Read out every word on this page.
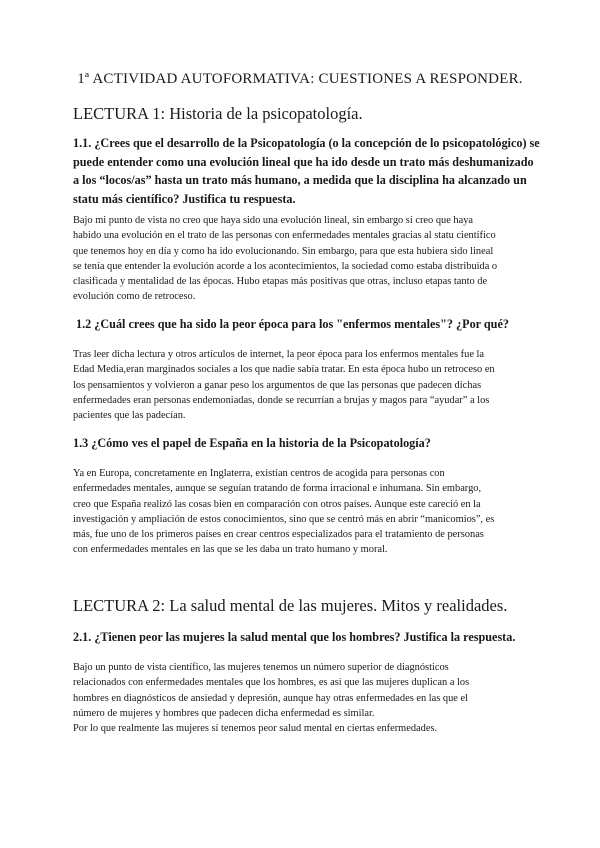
1ª ACTIVIDAD AUTOFORMATIVA: CUESTIONES A RESPONDER.
LECTURA 1: Historia de la psicopatología.

1.1. ¿Crees que el desarrollo de la Psicopatología (o la concepción de lo psicopatológico) se puede entender como una evolución lineal que ha ido desde un trato más deshumanizado a los “locos/as” hasta un trato más humano, a medida que la disciplina ha alcanzado un statu más científico? Justifica tu respuesta.

Bajo mi punto de vista no creo que haya sido una evolución lineal, sin embargo sí creo que haya
habido una evolución en el trato de las personas con enfermedades mentales gracias al statu científico
que tenemos hoy en día y como ha ido evolucionando. Sin embargo, para que esta hubiera sido lineal
se tenía que entender la evolución acorde a los acontecimientos, la sociedad como estaba distribuida o
clasificada y mentalidad de las épocas. Hubo etapas más positivas que otras, incluso etapas tanto de
evolución como de retroceso.

1.2 ¿Cuál crees que ha sido la peor época para los "enfermos mentales"? ¿Por qué?

Tras leer dicha lectura y otros artículos de internet, la peor época para los enfermos mentales fue la
Edad Media,eran marginados sociales a los que nadie sabía tratar. En esta época hubo un retroceso en
los pensamientos y volvieron a ganar peso los argumentos de que las personas que padecen dichas
enfermedades eran personas endemoniadas, donde se recurrían a brujas y magos para “ayudar” a los
pacientes que las padecían.

1.3 ¿Cómo ves el papel de España en la historia de la Psicopatología?

Ya en Europa, concretamente en Inglaterra, existían centros de acogida para personas con
enfermedades mentales, aunque se seguían tratando de forma irracional e inhumana. Sin embargo,
creo que España realizó las cosas bien en comparación con otros países. Aunque este careció en la
investigación y ampliación de estos conocimientos, sino que se centró más en abrir “manicomios”, es
más, fue uno de los primeros países en crear centros especializados para el tratamiento de personas
con enfermedades mentales en las que se les daba un trato humano y moral.
LECTURA 2: La salud mental de las mujeres. Mitos y realidades.

2.1. ¿Tienen peor las mujeres la salud mental que los hombres? Justifica la respuesta.

Bajo un punto de vista científico, las mujeres tenemos un número superior de diagnósticos
relacionados con enfermedades mentales que los hombres, es así que las mujeres duplican a los
hombres en diagnósticos de ansiedad y depresión, aunque hay otras enfermedades en las que el
número de mujeres y hombres que padecen dicha enfermedad es similar.
Por lo que realmente las mujeres sí tenemos peor salud mental en ciertas enfermedades.
